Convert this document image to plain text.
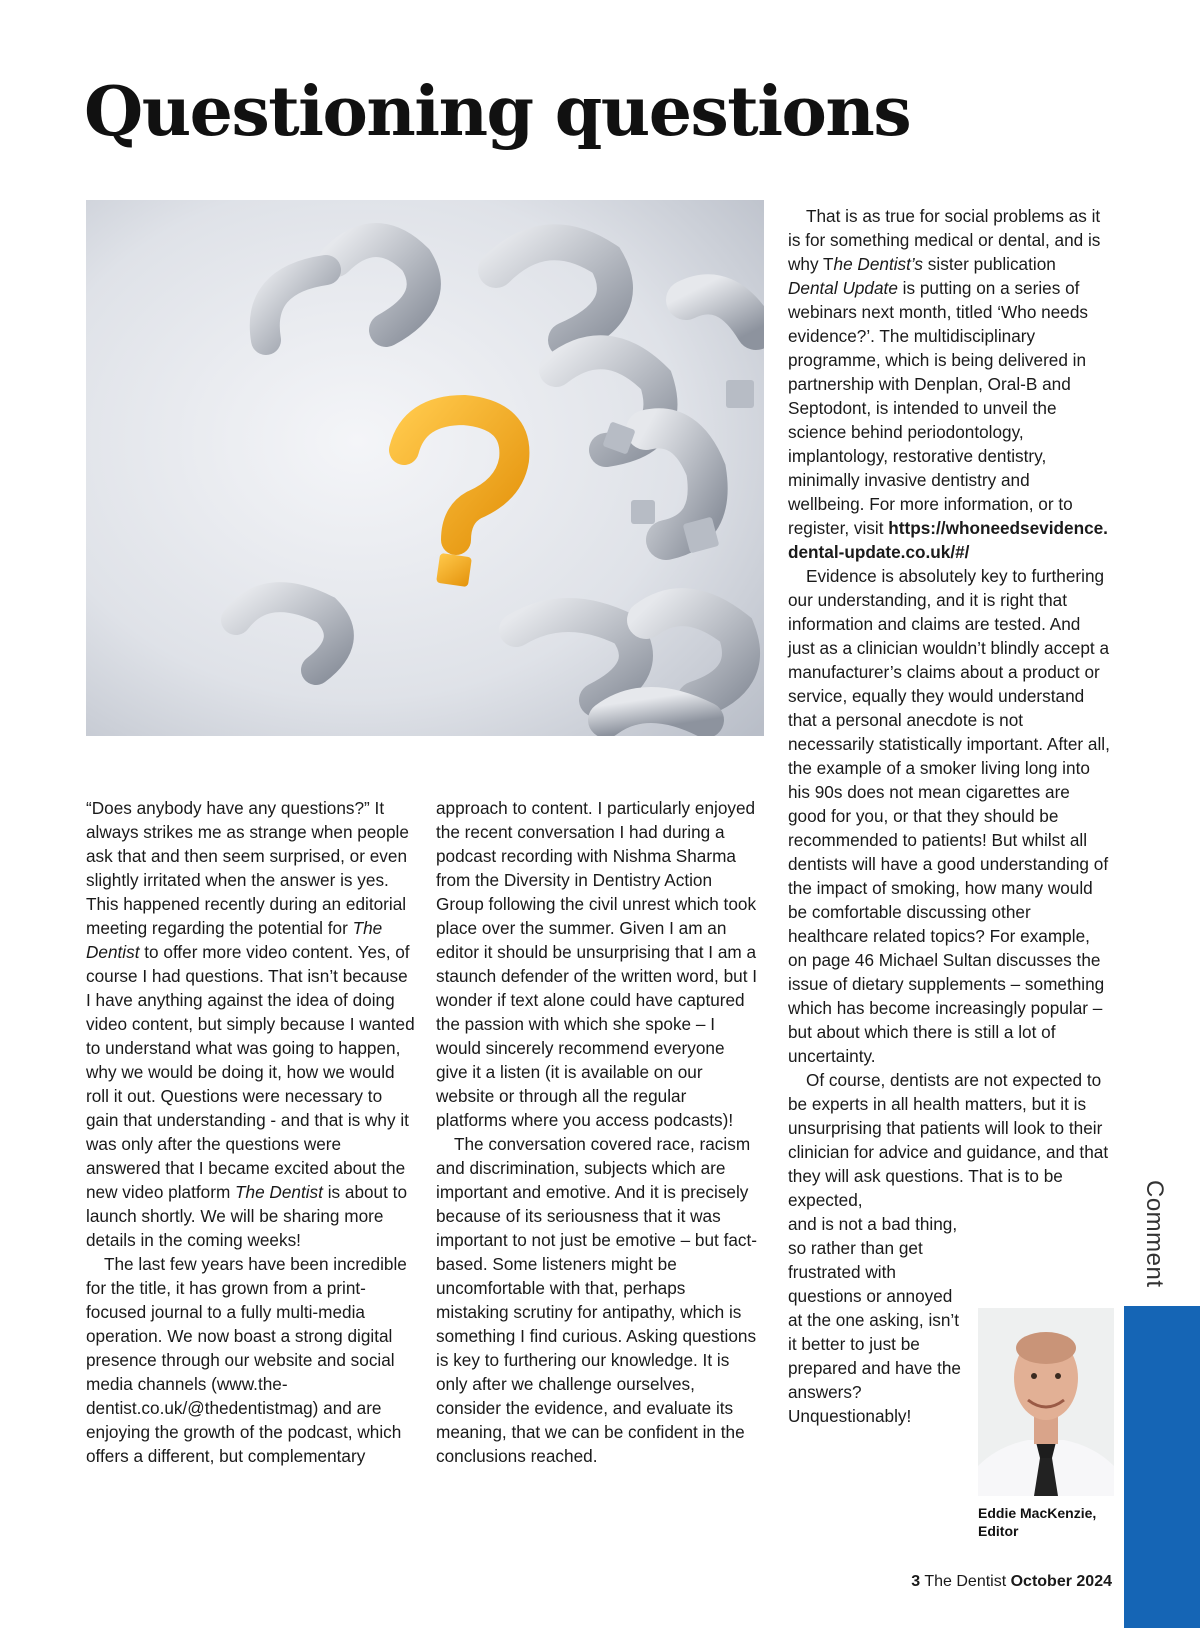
Questioning questions

“Does anybody have any questions?” It always strikes me as strange when people ask that and then seem surprised, or even slightly irritated when the answer is yes. This happened recently during an editorial meeting regarding the potential for The Dentist to offer more video content. Yes, of course I had questions. That isn’t because I have anything against the idea of doing video content, but simply because I wanted to understand what was going to happen, why we would be doing it, how we would roll it out. Questions were necessary to gain that understanding - and that is why it was only after the questions were answered that I became excited about the new video platform The Dentist is about to launch shortly. We will be sharing more details in the coming weeks!

The last few years have been incredible for the title, it has grown from a print-focused journal to a fully multi-media operation. We now boast a strong digital presence through our website and social media channels (www.the-dentist.co.uk/@thedentistmag) and are enjoying the growth of the podcast, which offers a different, but complementary

approach to content. I particularly enjoyed the recent conversation I had during a podcast recording with Nishma Sharma from the Diversity in Dentistry Action Group following the civil unrest which took place over the summer. Given I am an editor it should be unsurprising that I am a staunch defender of the written word, but I wonder if text alone could have captured the passion with which she spoke – I would sincerely recommend everyone give it a listen (it is available on our website or through all the regular platforms where you access podcasts)!

The conversation covered race, racism and discrimination, subjects which are important and emotive. And it is precisely because of its seriousness that it was important to not just be emotive – but fact-based. Some listeners might be uncomfortable with that, perhaps mistaking scrutiny for antipathy, which is something I find curious. Asking questions is key to furthering our knowledge. It is only after we challenge ourselves, consider the evidence, and evaluate its meaning, that we can be confident in the conclusions reached.

That is as true for social problems as it is for something medical or dental, and is why The Dentist’s sister publication Dental Update is putting on a series of webinars next month, titled ‘Who needs evidence?’. The multidisciplinary programme, which is being delivered in partnership with Denplan, Oral-B and Septodont, is intended to unveil the science behind periodontology, implantology, restorative dentistry, minimally invasive dentistry and wellbeing. For more information, or to register, visit https://whoneedsevidence.dental-update.co.uk/#/

Evidence is absolutely key to furthering our understanding, and it is right that information and claims are tested. And just as a clinician wouldn’t blindly accept a manufacturer’s claims about a product or service, equally they would understand that a personal anecdote is not necessarily statistically important. After all, the example of a smoker living long into his 90s does not mean cigarettes are good for you, or that they should be recommended to patients! But whilst all dentists will have a good understanding of the impact of smoking, how many would be comfortable discussing other healthcare related topics? For example, on page 46 Michael Sultan discusses the issue of dietary supplements – something which has become increasingly popular – but about which there is still a lot of uncertainty.

Of course, dentists are not expected to be experts in all health matters, but it is unsurprising that patients will look to their clinician for advice and guidance, and that they will ask questions. That is to be expected,

and is not a bad thing, so rather than get frustrated with questions or annoyed at the one asking, isn’t it better to just be prepared and have the answers? Unquestionably!

Eddie MacKenzie,
Editor
Comment
3 The Dentist October 2024
